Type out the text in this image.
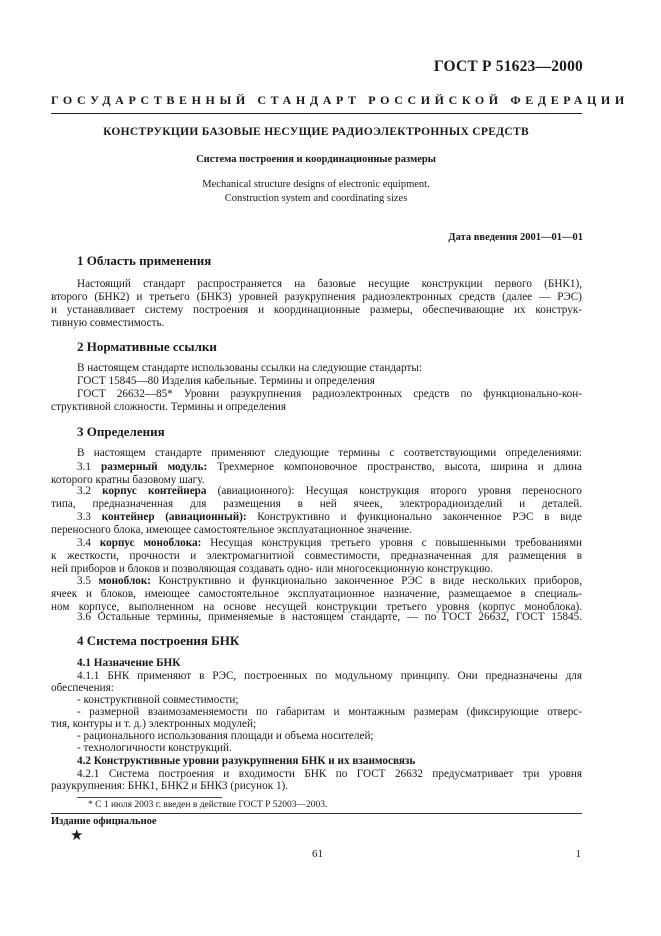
ГОСТ Р 51623—2000
ГОСУДАРСТВЕННЫЙ СТАНДАРТ РОССИЙСКОЙ ФЕДЕРАЦИИ
КОНСТРУКЦИИ БАЗОВЫЕ НЕСУЩИЕ РАДИОЭЛЕКТРОННЫХ СРЕДСТВ
Система построения и координационные размеры
Mechanical structure designs of electronic equipment.
Construction system and coordinating sizes
Дата введения 2001—01—01
1 Область применения
Настоящий стандарт распространяется на базовые несущие конструкции первого (БНК1),
второго (БНК2) и третьего (БНК3) уровней разукрупнения радиоэлектронных средств (далее — РЭС)
и устанавливает систему построения и координационные размеры, обеспечивающие их конструк-
тивную совместимость.
2 Нормативные ссылки
В настоящем стандарте использованы ссылки на следующие стандарты:
ГОСТ 15845—80 Изделия кабельные. Термины и определения
ГОСТ 26632—85* Уровни разукрупнения радиоэлектронных средств по функционально-кон-
структивной сложности. Термины и определения
3 Определения
В настоящем стандарте применяют следующие термины с соответствующими определениями:
3.1 размерный модуль: Трехмерное компоновочное пространство, высота, ширина и длина
которого кратны базовому шагу.
3.2 корпус контейнера (авиационного): Несущая конструкция второго уровня переносного
типа, предназначенная для размещения в ней ячеек, электрорадиоизделий и деталей.
3.3 контейнер (авиационный): Конструктивно и функционально законченное РЭС в виде
переносного блока, имеющее самостоятельное эксплуатационное значение.
3.4 корпус моноблока: Несущая конструкция третьего уровня с повышенными требованиями
к жесткости, прочности и электромагнитной совместимости, предназначенная для размещения в
ней приборов и блоков и позволяющая создавать одно- или многосекционную конструкцию.
3.5 моноблок: Конструктивно и функционально законченное РЭС в виде нескольких приборов,
ячеек и блоков, имеющее самостоятельное эксплуатационное назначение, размещаемое в специаль-
ном корпусе, выполненном на основе несущей конструкции третьего уровня (корпус моноблока).
3.6 Остальные термины, применяемые в настоящем стандарте, — по ГОСТ 26632, ГОСТ 15845.
4 Система построения БНК
4.1 Назначение БНК
4.1.1 БНК применяют в РЭС, построенных по модульному принципу. Они предназначены для
обеспечения:
- конструктивной совместимости;
- размерной взаимозаменяемости по габаритам и монтажным размерам (фиксирующие отверс-
тия, контуры и т. д.) электронных модулей;
- рационального использования площади и объема носителей;
- технологичности конструкций.
4.2 Конструктивные уровни разукрупнения БНК и их взаимосвязь
4.2.1 Система построения и входимости БНК по ГОСТ 26632 предусматривает три уровня
разукрупнения: БНК1, БНК2 и БНК3 (рисунок 1).
* С 1 июля 2003 г. введен в действие ГОСТ Р 52003—2003.
Издание официальное
★
61	1
